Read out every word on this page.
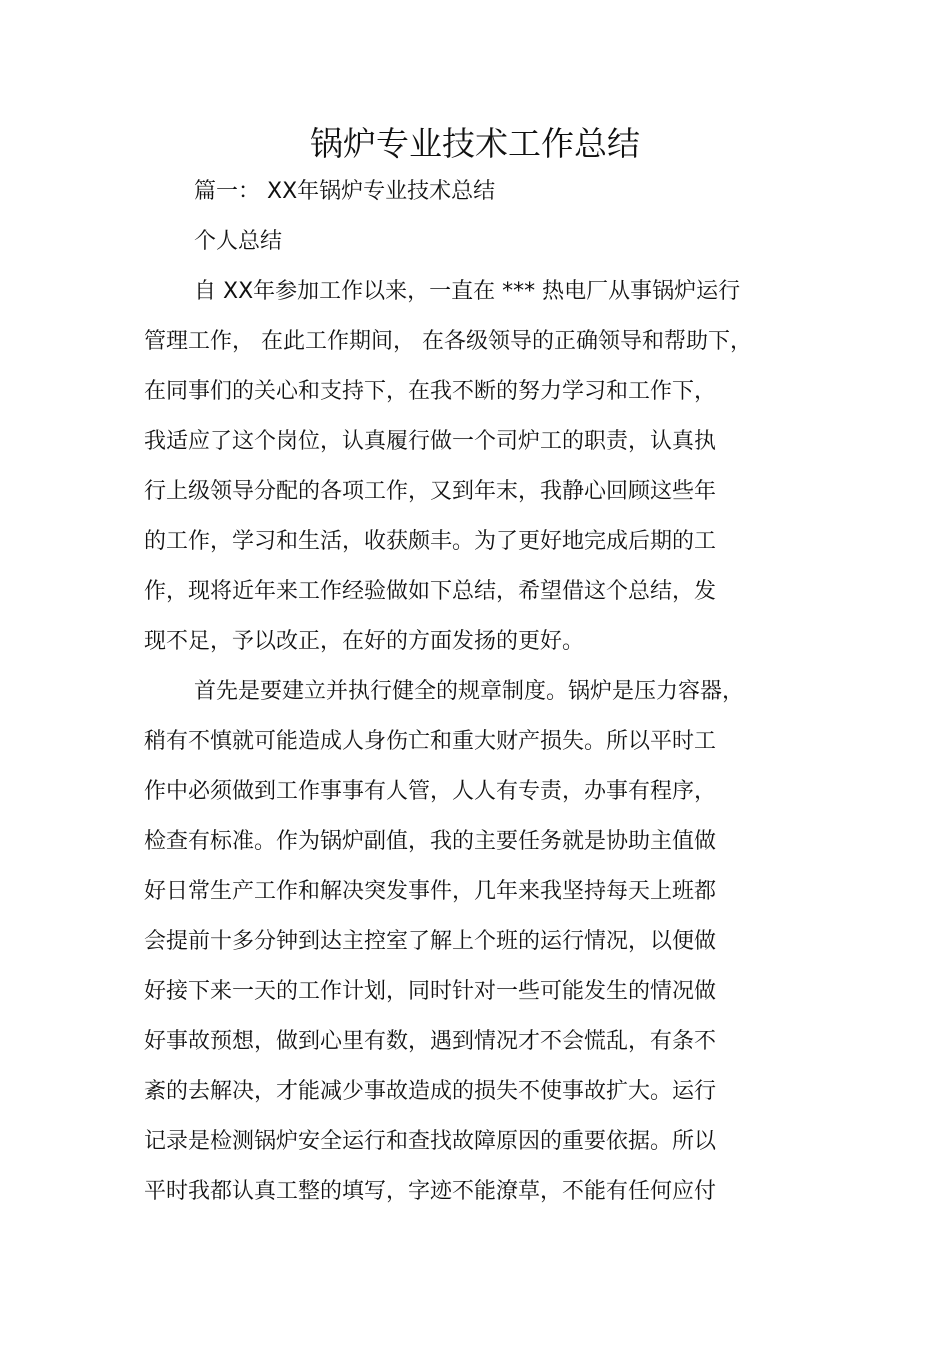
锅炉专业技术工作总结
篇一： XX年锅炉专业技术总结
个人总结
自 XX年参加工作以来，一直在 *** 热电厂从事锅炉运行
管理工作， 在此工作期间， 在各级领导的正确领导和帮助下，
在同事们的关心和支持下，在我不断的努力学习和工作下，
我适应了这个岗位，认真履行做一个司炉工的职责，认真执
行上级领导分配的各项工作，又到年末，我静心回顾这些年
的工作，学习和生活，收获颇丰。为了更好地完成后期的工
作，现将近年来工作经验做如下总结，希望借这个总结，发
现不足，予以改正，在好的方面发扬的更好。
首先是要建立并执行健全的规章制度。锅炉是压力容器，
稍有不慎就可能造成人身伤亡和重大财产损失。所以平时工
作中必须做到工作事事有人管，人人有专责，办事有程序，
检查有标准。作为锅炉副值，我的主要任务就是协助主值做
好日常生产工作和解决突发事件，几年来我坚持每天上班都
会提前十多分钟到达主控室了解上个班的运行情况，以便做
好接下来一天的工作计划，同时针对一些可能发生的情况做
好事故预想，做到心里有数，遇到情况才不会慌乱，有条不
紊的去解决，才能减少事故造成的损失不使事故扩大。运行
记录是检测锅炉安全运行和查找故障原因的重要依据。所以
平时我都认真工整的填写，字迹不能潦草，不能有任何应付
